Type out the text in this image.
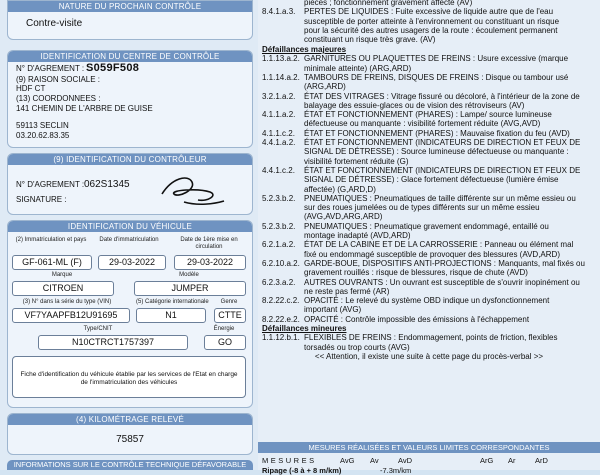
NATURE DU PROCHAIN CONTRÔLE
Contre-visite
IDENTIFICATION DU CENTRE DE CONTRÔLE
N° D'AGREMENT : S059F508
(9) RAISON SOCIALE :
HDF CT
(13) COORDONNEES :
141 CHEMIN DE L'ARBRE DE GUISE
59113 SECLIN
03.20.62.83.35
(9) IDENTIFICATION DU CONTRÔLEUR
N° D'AGREMENT : 062S1345
SIGNATURE :
IDENTIFICATION DU VÉHICULE
(2) Immatriculation et pays	Date d'immatriculation	Date de 1ère mise en circulation
GF-061-ML (F)	29-03-2022	29-03-2022
Marque	Modèle
CITROEN	JUMPER
(3) N° dans la série du type (VIN)	(5) Catégorie internationale	Genre
VF7YAAPFB12U91695	N1	CTTE
Type/CNIT	Énergie
N10CTRCT1757397	GO
Fiche d'identification du véhicule établie par les services de l'Etat en charge de l'immatriculation des véhicules
(4) KILOMÉTRAGE RELEVÉ
75857
INFORMATIONS SUR LE CONTRÔLE TECHNIQUE DÉFAVORABLE
pièces ; fonctionnement gravement affecté (AV)
8.4.1.a.3. PERTES DE LIQUIDES : Fuite excessive de liquide autre que de l'eau
susceptible de porter atteinte à l'environnement ou constituant un risque
pour la sécurité des autres usagers de la route : écoulement permanent
constituant un risque très grave. (AV)
Défaillances majeures
1.1.13.a.2. GARNITURES OU PLAQUETTES DE FREINS : Usure excessive (marque
minimale atteinte) (ARG,ARD)
1.1.14.a.2. TAMBOURS DE FREINS, DISQUES DE FREINS : Disque ou tambour usé
(ARG,ARD)
3.2.1.a.2. ÉTAT DES VITRAGES : Vitrage fissuré ou décoloré, à l'intérieur de la zone de
balayage des essuie-glaces ou de vision des rétroviseurs (AV)
4.1.1.a.2. ÉTAT ET FONCTIONNEMENT (PHARES) : Lampe/ source lumineuse
défectueuse ou manquante : visibilité fortement réduite (AVG,AVD)
4.1.1.c.2. ÉTAT ET FONCTIONNEMENT (PHARES) : Mauvaise fixation du feu (AVD)
4.4.1.a.2. ÉTAT ET FONCTIONNEMENT (INDICATEURS DE DIRECTION ET FEUX DE
SIGNAL DE DÉTRESSE) : Source lumineuse défectueuse ou manquante :
visibilité fortement réduite (G)
4.4.1.c.2. ÉTAT ET FONCTIONNEMENT (INDICATEURS DE DIRECTION ET FEUX DE
SIGNAL DE DÉTRESSE) : Glace fortement défectueuse (lumière émise
affectée) (G,ARD,D)
5.2.3.b.2. PNEUMATIQUES : Pneumatiques de taille différente sur un même essieu ou
sur des roues jumelées ou de types différents sur un même essieu
(AVG,AVD,ARG,ARD)
5.2.3.b.2. PNEUMATIQUES : Pneumatique gravement endommagé, entaillé ou
montage inadapté (AVD,ARD)
6.2.1.a.2. ÉTAT DE LA CABINE ET DE LA CARROSSERIE : Panneau ou élément mal
fixé ou endommagé susceptible de provoquer des blessures (AVD,ARD)
6.2.10.a.2. GARDE-BOUE, DISPOSITIFS ANTI-PROJECTIONS : Manquants, mal fixés ou
gravement rouillés : risque de blessures, risque de chute (AVD)
6.2.3.a.2. AUTRES OUVRANTS : Un ouvrant est susceptible de s'ouvrir inopinément ou
ne reste pas fermé (AR)
8.2.22.c.2. OPACITÉ : Le relevé du système OBD indique un dysfonctionnement
important (AVG)
8.2.22.e.2. OPACITÉ : Contrôle impossible des émissions à l'échappement
Défaillances mineures
1.1.12.b.1. FLEXIBLES DE FREINS : Endommagement, points de friction, flexibles
torsadés ou trop courts (AVG)
<< Attention, il existe une suite à cette page du procès-verbal >>
MESURES RÉALISÉES ET VALEURS LIMITES CORRESPONDANTES
MESURES	AvG Av	AvD	ArG Ar	ArD
Ripage (-8 à + 8 m/km)	-7.3m/km
